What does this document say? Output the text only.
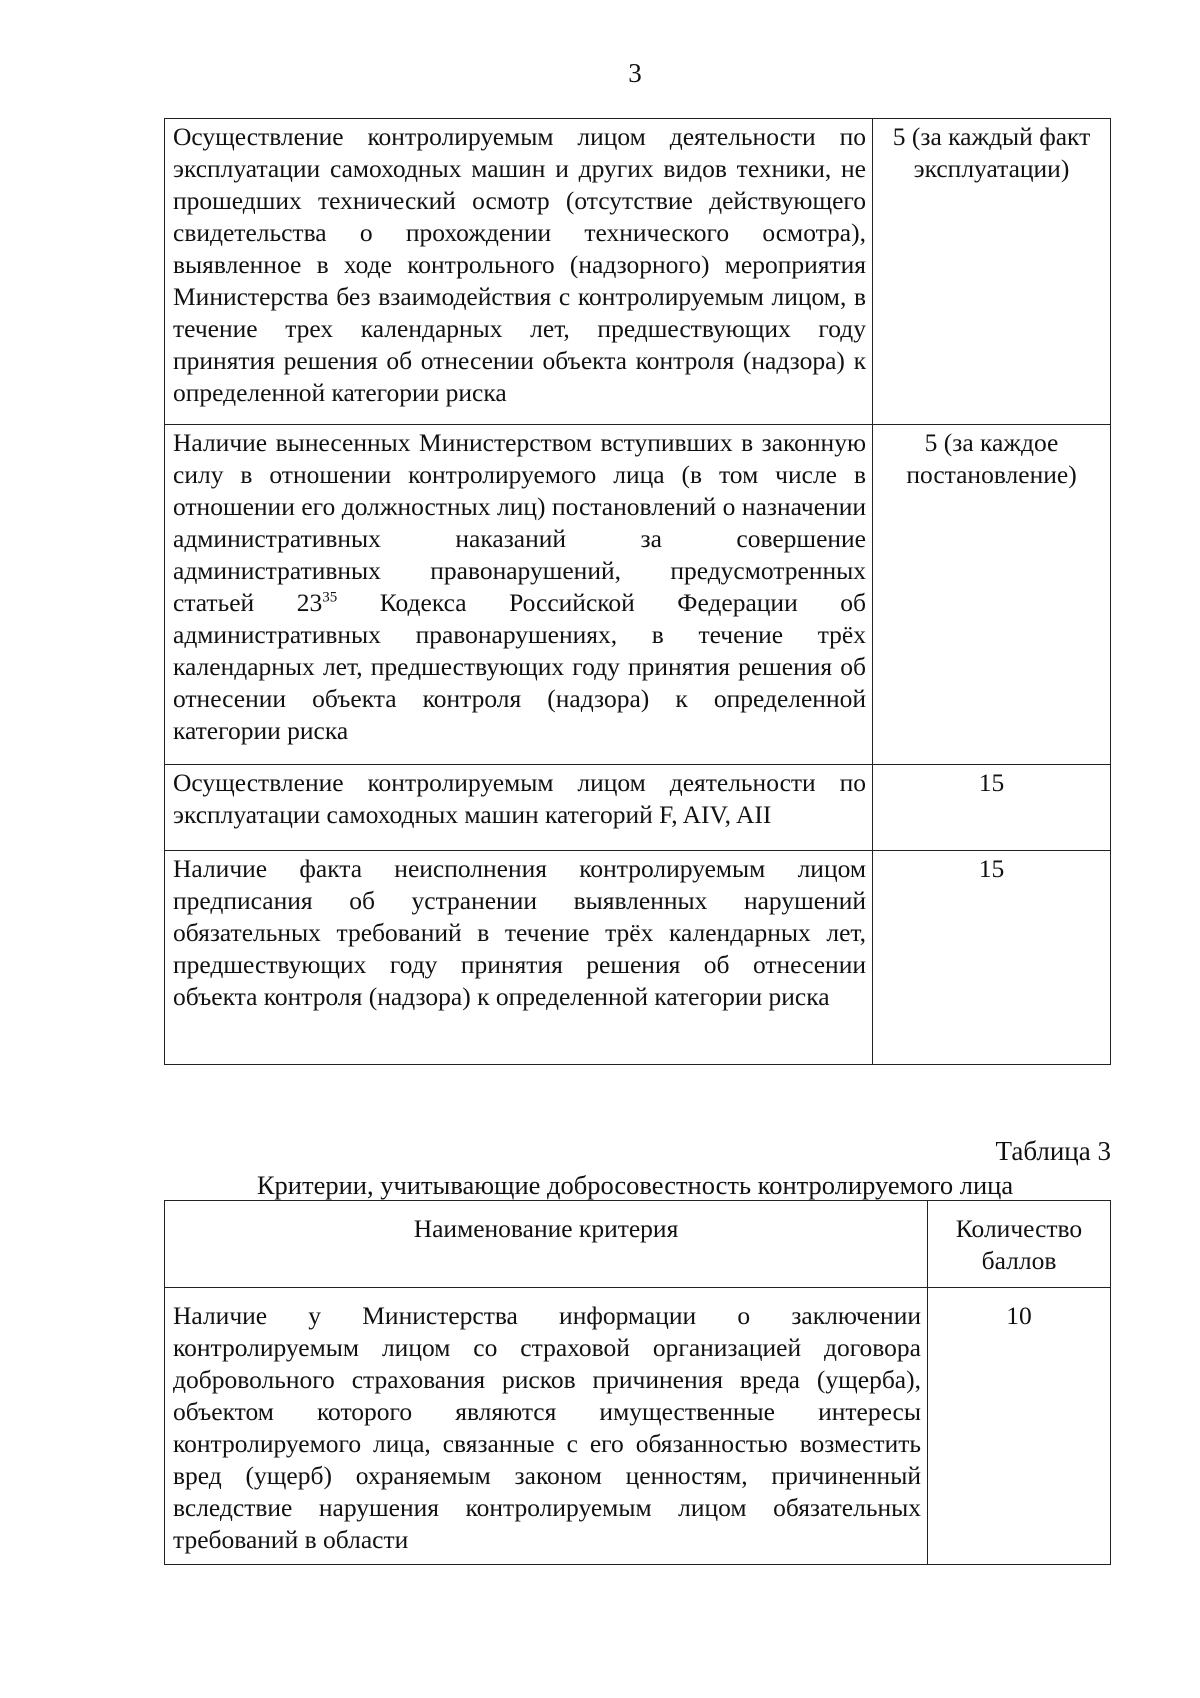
3
Осуществление контролируемым лицом деятельности по эксплуатации самоходных машин и других видов техники, не прошедших технический осмотр (отсутствие действующего свидетельства о прохождении технического осмотра), выявленное в ходе контрольного (надзорного) мероприятия Министерства без взаимодействия с контролируемым лицом, в течение трех календарных лет, предшествующих году принятия решения об отнесении объекта контроля (надзора) к определенной категории риска	5 (за каждый факт эксплуатации)
Наличие вынесенных Министерством вступивших в законную силу в отношении контролируемого лица (в том числе в отношении его должностных лиц) постановлений о назначении административных наказаний за совершение административных правонарушений, предусмотренных статьей $23^{35}$ Кодекса Российской Федерации об административных правонарушениях, в течение трёх календарных лет, предшествующих году принятия решения об отнесении объекта контроля (надзора) к определенной категории риска	5 (за каждое постановление)
Осуществление контролируемым лицом деятельности по эксплуатации самоходных машин категорий F, AIV, AII	15
Наличие факта неисполнения контролируемым лицом предписания об устранении выявленных нарушений обязательных требований в течение трёх календарных лет, предшествующих году принятия решения об отнесении объекта контроля (надзора) к определенной категории риска	15
Таблица 3
Критерии, учитывающие добросовестность контролируемого лица
Наименование критерия	Количество баллов
Наличие у Министерства информации о заключении контролируемым лицом со страховой организацией договора добровольного страхования рисков причинения вреда (ущерба), объектом которого являются имущественные интересы контролируемого лица, связанные с его обязанностью возместить вред (ущерб) охраняемым законом ценностям, причиненный вследствие нарушения контролируемым лицом обязательных требований в области	10
